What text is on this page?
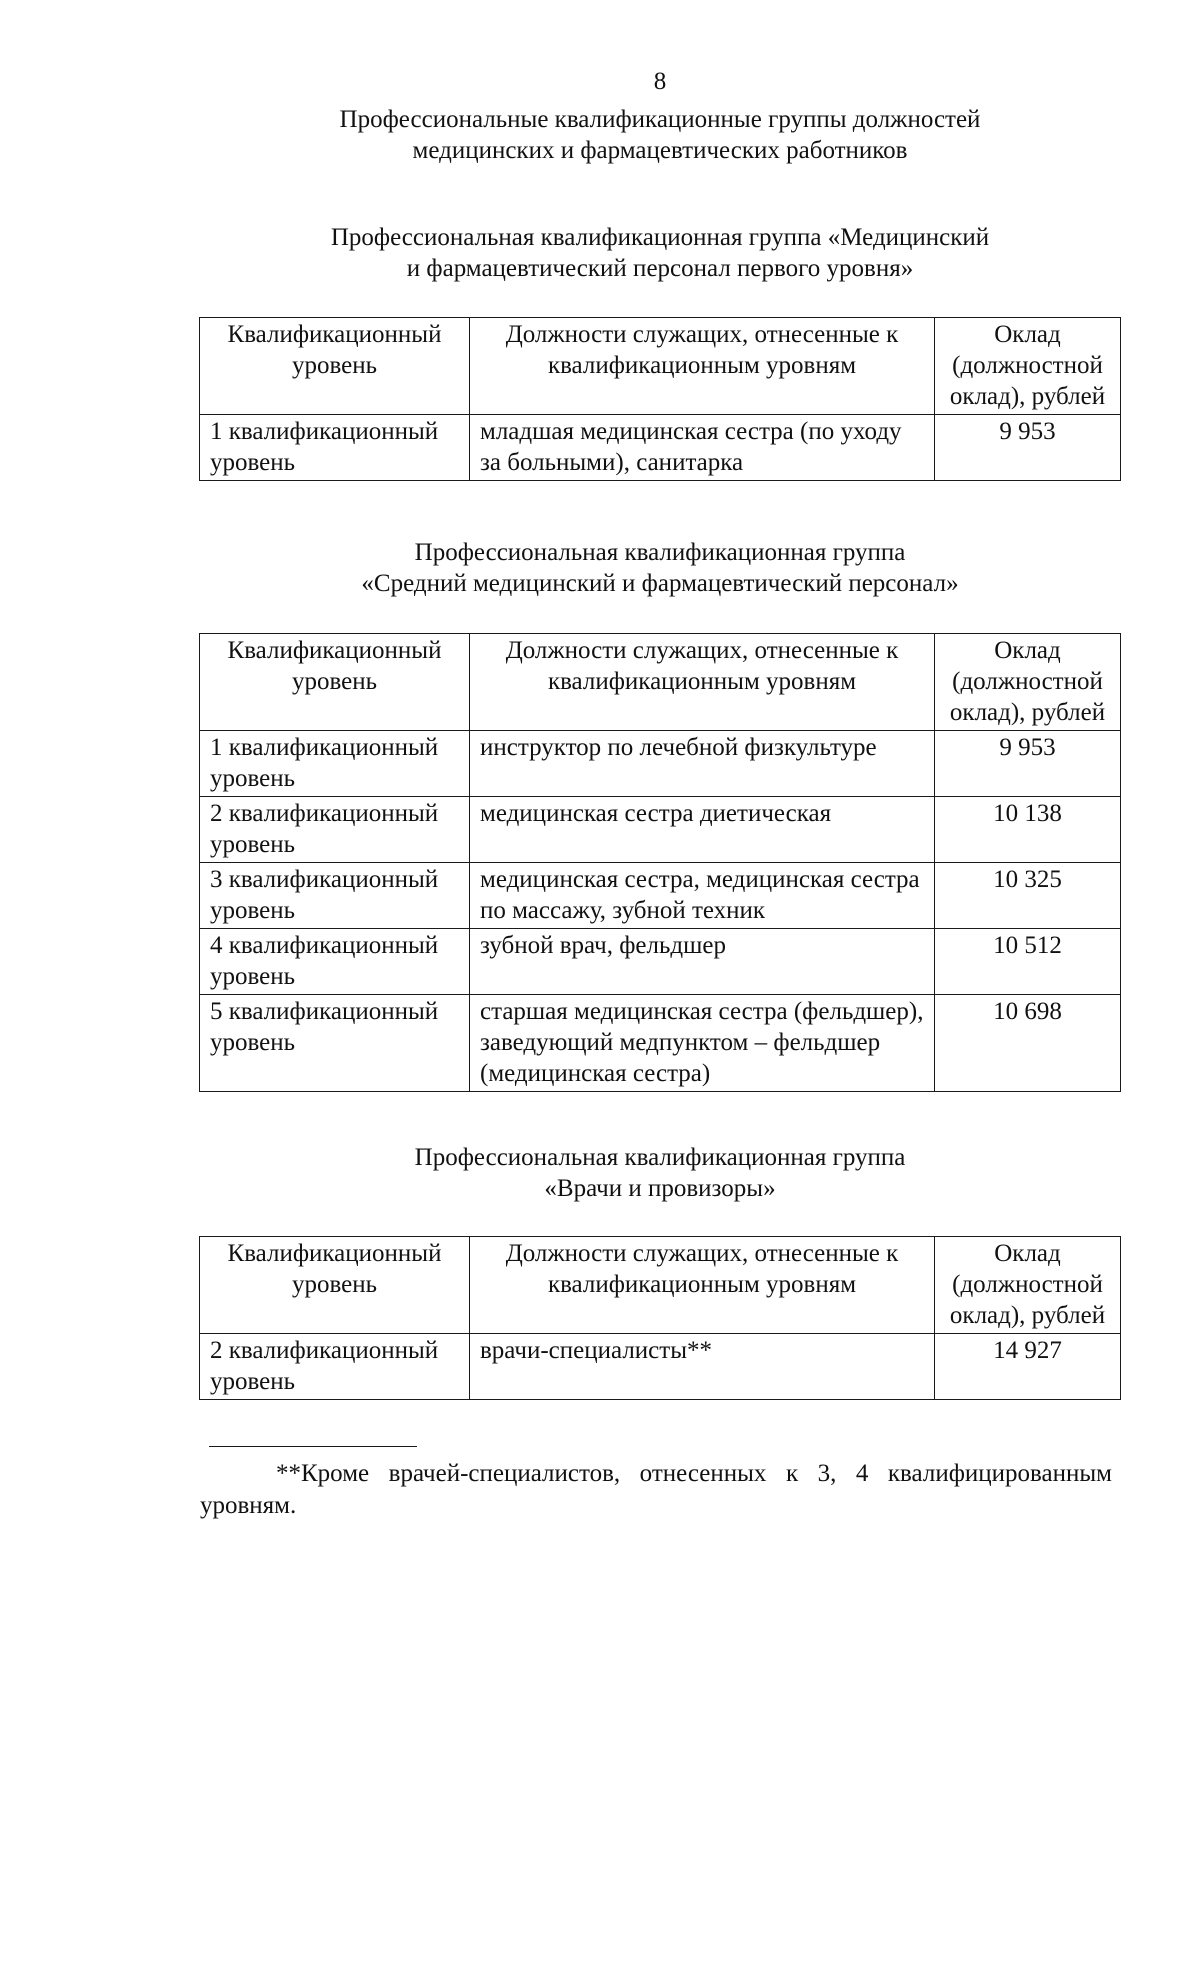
8
Профессиональные квалификационные группы должностей
медицинских и фармацевтических работников
Профессиональная квалификационная группа «Медицинский
и фармацевтический персонал первого уровня»
Квалификационный уровень	Должности служащих, отнесенные к квалификационным уровням	Оклад (должностной оклад), рублей
1 квалификационный уровень	младшая медицинская сестра (по уходу за больными), санитарка	9 953
Профессиональная квалификационная группа
«Средний медицинский и фармацевтический персонал»
Квалификационный уровень	Должности служащих, отнесенные к квалификационным уровням	Оклад (должностной оклад), рублей
1 квалификационный уровень	инструктор по лечебной физкультуре	9 953
2 квалификационный уровень	медицинская сестра диетическая	10 138
3 квалификационный уровень	медицинская сестра, медицинская сестра по массажу, зубной техник	10 325
4 квалификационный уровень	зубной врач, фельдшер	10 512
5 квалификационный уровень	старшая медицинская сестра (фельдшер), заведующий медпунктом – фельдшер (медицинская сестра)	10 698
Профессиональная квалификационная группа
«Врачи и провизоры»
Квалификационный уровень	Должности служащих, отнесенные к квалификационным уровням	Оклад (должностной оклад), рублей
2 квалификационный уровень	врачи-специалисты**	14 927
**Кроме врачей-специалистов, отнесенных к 3, 4 квалифицированным уровням.
